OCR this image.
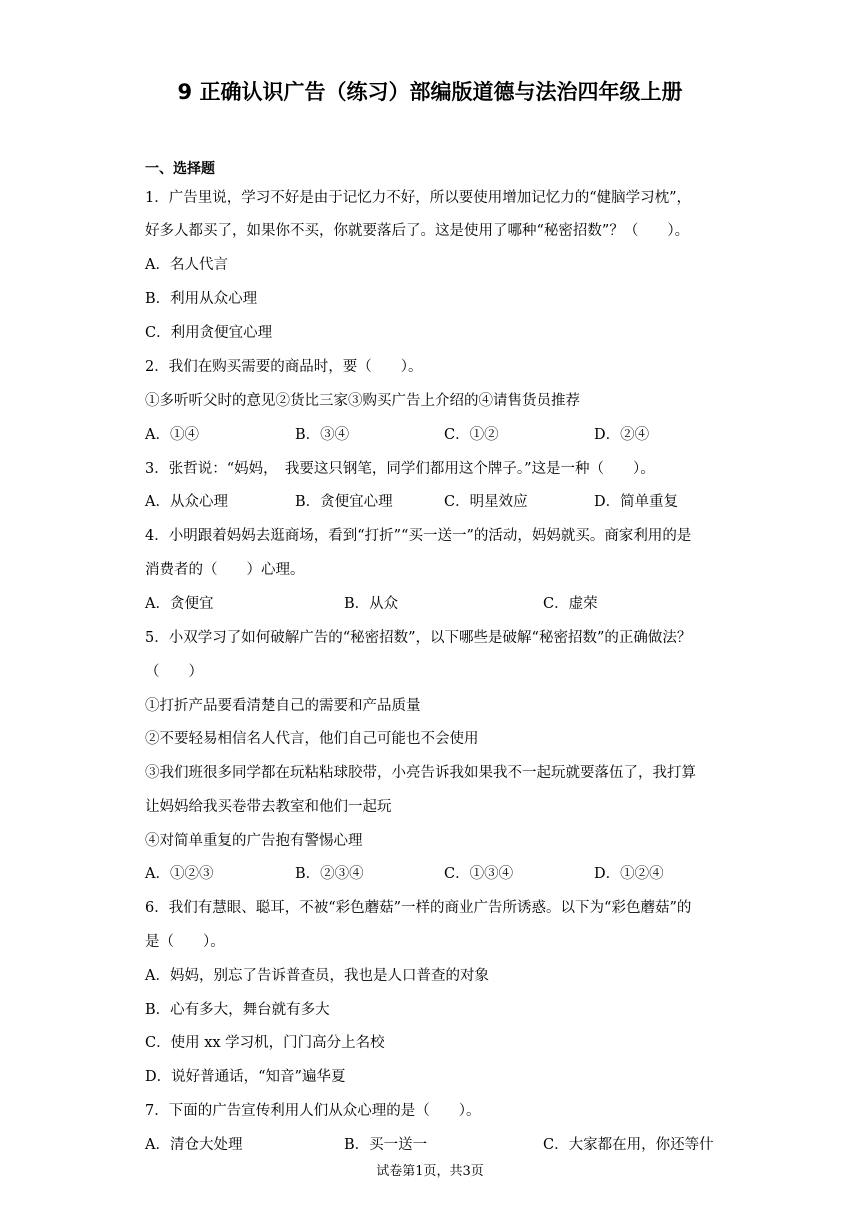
9 正确认识广告（练习）部编版道德与法治四年级上册
一、选择题
1．广告里说，学习不好是由于记忆力不好，所以要使用增加记忆力的“健脑学习枕”，
好多人都买了，如果你不买，你就要落后了。这是使用了哪种“秘密招数”？（　　）。
A．名人代言
B．利用从众心理
C．利用贪便宜心理
2．我们在购买需要的商品时，要（　　）。
①多听听父时的意见②货比三家③购买广告上介绍的④请售货员推荐
A．①④	B．③④	C．①②	D．②④
3．张哲说：“妈妈，　我要这只钢笔，同学们都用这个牌子。”这是一种（　　）。
A．从众心理	B．贪便宜心理	C．明星效应	D．简单重复
4．小明跟着妈妈去逛商场，看到“打折”“买一送一”的活动，妈妈就买。商家利用的是
消费者的（　　）心理。
A．贪便宜	B．从众	C．虚荣
5．小双学习了如何破解广告的“秘密招数”，以下哪些是破解“秘密招数”的正确做法？
（　　）
①打折产品要看清楚自己的需要和产品质量
②不要轻易相信名人代言，他们自己可能也不会使用
③我们班很多同学都在玩粘粘球胶带，小亮告诉我如果我不一起玩就要落伍了，我打算
让妈妈给我买卷带去教室和他们一起玩
④对简单重复的广告抱有警惕心理
A．①②③	B．②③④	C．①③④	D．①②④
6．我们有慧眼、聪耳，不被“彩色蘑菇”一样的商业广告所诱惑。以下为“彩色蘑菇”的
是（　　）。
A．妈妈，别忘了告诉普查员，我也是人口普查的对象
B．心有多大，舞台就有多大
C．使用 xx 学习机，门门高分上名校
D．说好普通话，“知音”遍华夏
7．下面的广告宣传利用人们从众心理的是（　　）。
A．清仓大处理	B．买一送一	C．大家都在用，你还等什
试卷第1页，共3页
